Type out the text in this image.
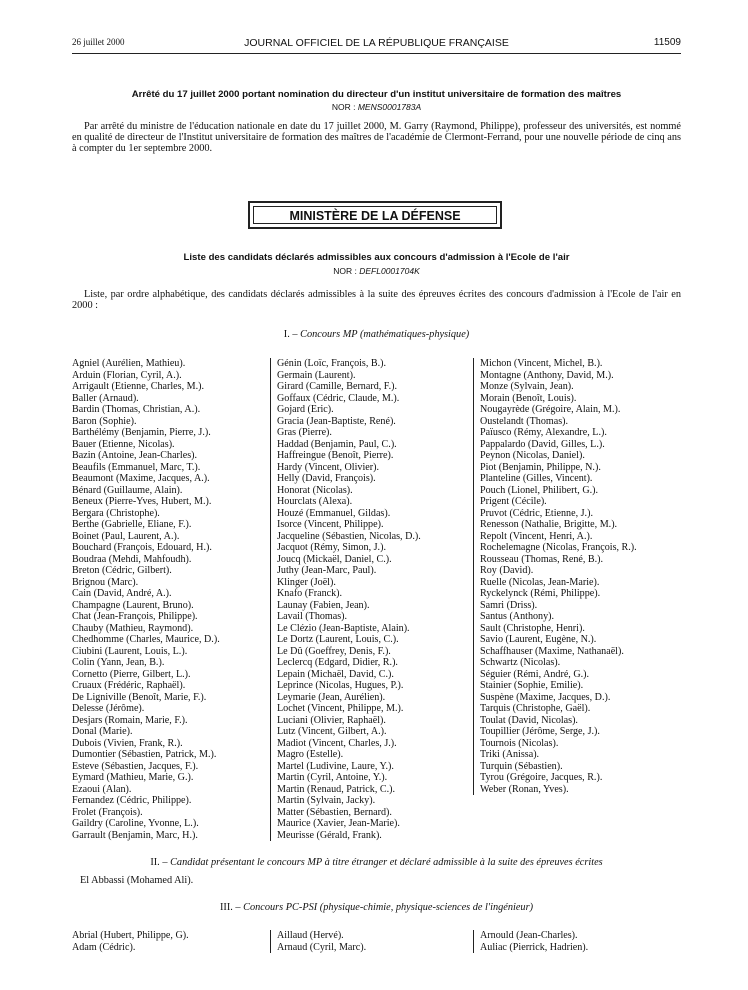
26 juillet 2000	JOURNAL OFFICIEL DE LA RÉPUBLIQUE FRANÇAISE	11509
Arrêté du 17 juillet 2000 portant nomination du directeur d'un institut universitaire de formation des maîtres
NOR : MENS0001783A

Par arrêté du ministre de l'éducation nationale en date du 17 juillet 2000, M. Garry (Raymond, Philippe), professeur des universités, est nommé en qualité de directeur de l'Institut universitaire de formation des maîtres de l'académie de Clermont-Ferrand, pour une nouvelle période de cinq ans à compter du 1er septembre 2000.

MINISTÈRE DE LA DÉFENSE
Liste des candidats déclarés admissibles aux concours d'admission à l'Ecole de l'air
NOR : DEFL0001704K

Liste, par ordre alphabétique, des candidats déclarés admissibles à la suite des épreuves écrites des concours d'admission à l'Ecole de l'air en 2000 :

I. – Concours MP (mathématiques-physique)
Agniel (Aurélien, Mathieu).
Arduin (Florian, Cyril, A.).
Arrigault (Etienne, Charles, M.).
Baller (Arnaud).
Bardin (Thomas, Christian, A.).
Baron (Sophie).
Barthélémy (Benjamin, Pierre, J.).
Bauer (Etienne, Nicolas).
Bazin (Antoine, Jean-Charles).
Beaufils (Emmanuel, Marc, T.).
Beaumont (Maxime, Jacques, A.).
Bénard (Guillaume, Alain).
Beneux (Pierre-Yves, Hubert, M.).
Bergara (Christophe).
Berthe (Gabrielle, Eliane, F.).
Boinet (Paul, Laurent, A.).
Bouchard (François, Edouard, H.).
Boudraa (Mehdi, Mahfoudh).
Breton (Cédric, Gilbert).
Brignou (Marc).
Cain (David, André, A.).
Champagne (Laurent, Bruno).
Chat (Jean-François, Philippe).
Chauby (Mathieu, Raymond).
Chedhomme (Charles, Maurice, D.).
Ciubini (Laurent, Louis, L.).
Colin (Yann, Jean, B.).
Cornetto (Pierre, Gilbert, L.).
Cruaux (Frédéric, Raphaël).
De Ligniville (Benoît, Marie, F.).
Delesse (Jérôme).
Desjars (Romain, Marie, F.).
Donal (Marie).
Dubois (Vivien, Frank, R.).
Dumontier (Sébastien, Patrick, M.).
Esteve (Sébastien, Jacques, F.).
Eymard (Mathieu, Marie, G.).
Ezaoui (Alan).
Fernandez (Cédric, Philippe).
Frolet (François).
Gaildry (Caroline, Yvonne, L.).
Garrault (Benjamin, Marc, H.).
Génin (Loïc, François, B.).
Germain (Laurent).
Girard (Camille, Bernard, F.).
Goffaux (Cédric, Claude, M.).
Gojard (Eric).
Gracia (Jean-Baptiste, René).
Gras (Pierre).
Haddad (Benjamin, Paul, C.).
Haffreingue (Benoît, Pierre).
Hardy (Vincent, Olivier).
Helly (David, François).
Honorat (Nicolas).
Hourclats (Alexa).
Houzé (Emmanuel, Gildas).
Isorce (Vincent, Philippe).
Jacqueline (Sébastien, Nicolas, D.).
Jacquot (Rémy, Simon, J.).
Joucq (Mickaël, Daniel, C.).
Juthy (Jean-Marc, Paul).
Klinger (Joël).
Knafo (Franck).
Launay (Fabien, Jean).
Lavail (Thomas).
Le Clézio (Jean-Baptiste, Alain).
Le Dortz (Laurent, Louis, C.).
Le Dû (Goeffrey, Denis, F.).
Leclercq (Edgard, Didier, R.).
Lepain (Michaël, David, C.).
Leprince (Nicolas, Hugues, P.).
Leymarie (Jean, Aurélien).
Lochet (Vincent, Philippe, M.).
Luciani (Olivier, Raphaël).
Lutz (Vincent, Gilbert, A.).
Madiot (Vincent, Charles, J.).
Magro (Estelle).
Martel (Ludivine, Laure, Y.).
Martin (Cyril, Antoine, Y.).
Martin (Renaud, Patrick, C.).
Martin (Sylvain, Jacky).
Matter (Sébastien, Bernard).
Maurice (Xavier, Jean-Marie).
Meurisse (Gérald, Frank).
Michon (Vincent, Michel, B.).
Montagne (Anthony, David, M.).
Monze (Sylvain, Jean).
Morain (Benoît, Louis).
Nougayrède (Grégoire, Alain, M.).
Oustelandt (Thomas).
Païusco (Rémy, Alexandre, L.).
Pappalardo (David, Gilles, L.).
Peynon (Nicolas, Daniel).
Piot (Benjamin, Philippe, N.).
Planteline (Gilles, Vincent).
Pouch (Lionel, Philibert, G.).
Prigent (Cécile).
Pruvot (Cédric, Etienne, J.).
Renesson (Nathalie, Brigitte, M.).
Repolt (Vincent, Henri, A.).
Rochelemagne (Nicolas, François, R.).
Rousseau (Thomas, René, B.).
Roy (David).
Ruelle (Nicolas, Jean-Marie).
Ryckelynck (Rémi, Philippe).
Samri (Driss).
Santus (Anthony).
Sault (Christophe, Henri).
Savio (Laurent, Eugène, N.).
Schaffhauser (Maxime, Nathanaël).
Schwartz (Nicolas).
Séguier (Rémi, André, G.).
Stainier (Sophie, Emilie).
Suspène (Maxime, Jacques, D.).
Tarquis (Christophe, Gaël).
Toulat (David, Nicolas).
Toupillier (Jérôme, Serge, J.).
Tournois (Nicolas).
Triki (Anissa).
Turquin (Sébastien).
Tyrou (Grégoire, Jacques, R.).
Weber (Ronan, Yves).
II. – Candidat présentant le concours MP à titre étranger et déclaré admissible à la suite des épreuves écrites
El Abbassi (Mohamed Ali).
III. – Concours PC-PSI (physique-chimie, physique-sciences de l'ingénieur)
Abrial (Hubert, Philippe, G).
Adam (Cédric).
Aillaud (Hervé).
Arnaud (Cyril, Marc).
Arnould (Jean-Charles).
Auliac (Pierrick, Hadrien).
